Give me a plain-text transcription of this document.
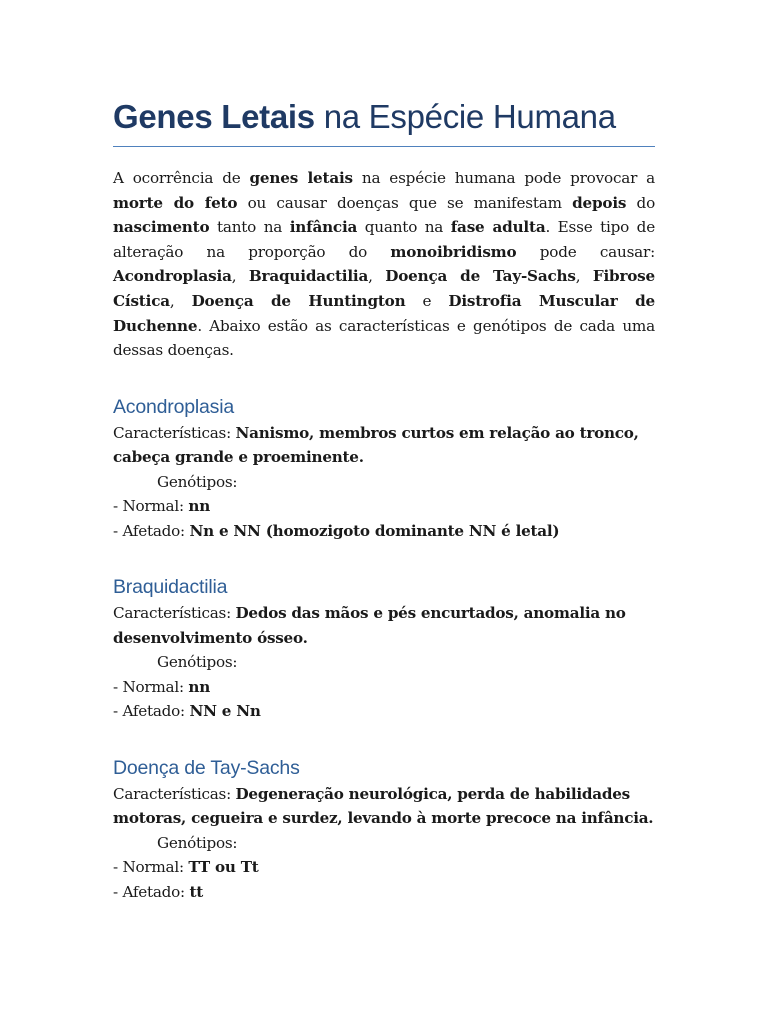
Genes Letais na Espécie Humana

A ocorrência de genes letais na espécie humana pode provocar a morte do feto ou causar doenças que se manifestam depois do nascimento tanto na infância quanto na fase adulta. Esse tipo de alteração na proporção do monoibridismo pode causar: Acondroplasia, Braquidactilia, Doença de Tay-Sachs, Fibrose Cística, Doença de Huntington e Distrofia Muscular de Duchenne. Abaixo estão as características e genótipos de cada uma dessas doenças.

Acondroplasia
Características: Nanismo, membros curtos em relação ao tronco, cabeça grande e proeminente.
Genótipos:
- Normal: nn
- Afetado: Nn e NN (homozigoto dominante NN é letal)
Braquidactilia
Características: Dedos das mãos e pés encurtados, anomalia no desenvolvimento ósseo.
Genótipos:
- Normal: nn
- Afetado: NN e Nn
Doença de Tay-Sachs
Características: Degeneração neurológica, perda de habilidades motoras, cegueira e surdez, levando à morte precoce na infância.
Genótipos:
- Normal: TT ou Tt
- Afetado: tt
